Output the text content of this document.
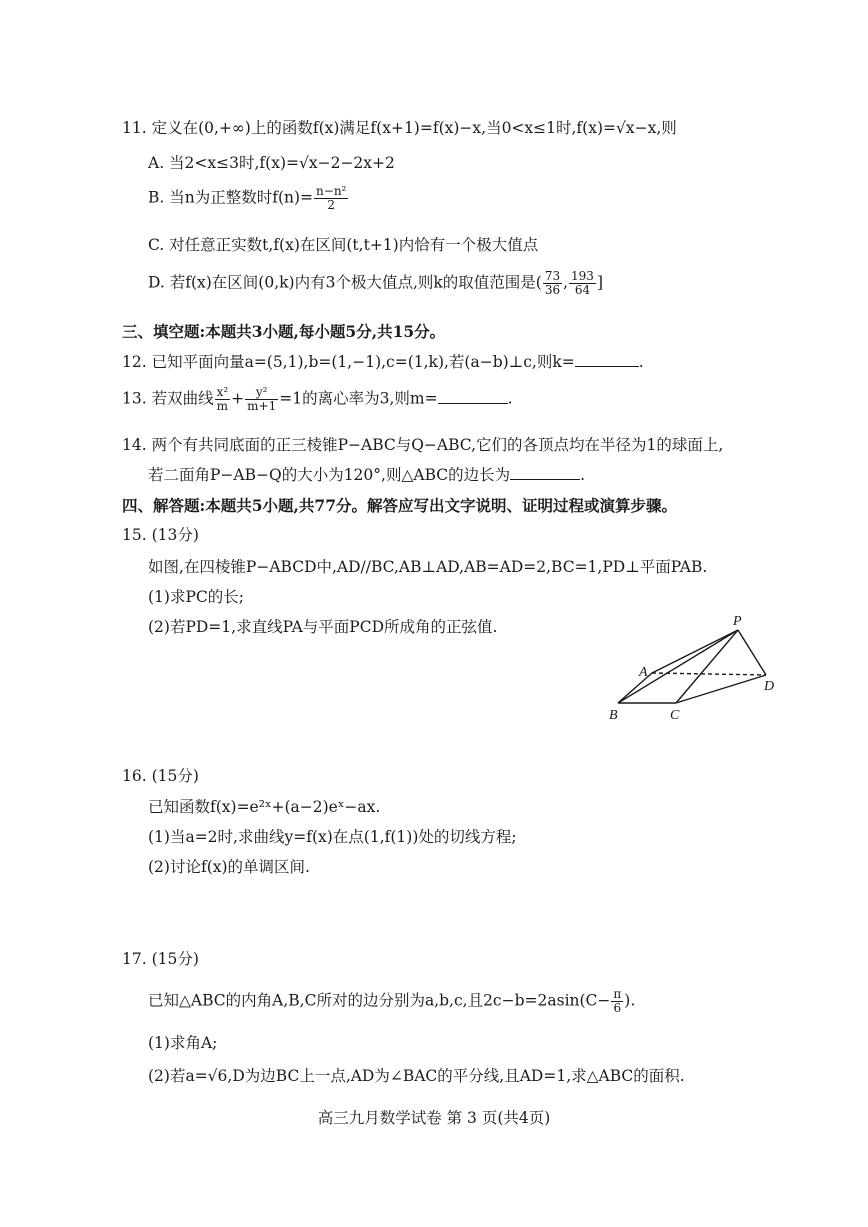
11. 定义在(0,+∞)上的函数f(x)满足f(x+1)=f(x)−x,当0<x≤1时,f(x)=√x−x,则
A. 当2<x≤3时,f(x)=√x−2−2x+2
B. 当n为正整数时$f(n)= \frac{\text{n−n²}}{2}$
C. 对任意正实数t,f(x)在区间(t,t+1)内恰有一个极大值点
D. 若f(x)在区间(0,k)内有3个极大值点,则k的取值范围是( $\frac{73}{36}$ , $\frac{193}{64}$ ]
三、填空题:本题共3小题,每小题5分,共15分。
12. 已知平面向量a=(5,1),b=(1,−1),c=(1,k),若(a−b)⊥c,则k=	.
13. 若双曲线 $\frac{\text{x²}}{m} + \frac{\text{y²}}{m+1} =1$的离心率为3,则m=	.
14. 两个有共同底面的正三棱锥P−ABC与Q−ABC,它们的各顶点均在半径为1的球面上,
若二面角P−AB−Q的大小为120°,则△ABC的边长为	.
四、解答题:本题共5小题,共77分。解答应写出文字说明、证明过程或演算步骤。
15. (13分)
如图,在四棱锥P−ABCD中,AD//BC,AB⊥AD,AB=AD=2,BC=1,PD⊥平面PAB.
(1)求PC的长;
(2)若PD=1,求直线PA与平面PCD所成角的正弦值.	P
A
B	C
D
16. (15分)
已知函数f(x)=e²ˣ+(a−2)eˣ−ax.
(1)当a=2时,求曲线y=f(x)在点(1,f(1))处的切线方程;
(2)讨论f(x)的单调区间.
17. (15分)
已知△ABC的内角A,B,C所对的边分别为a,b,c,且$2c-b=2asin(C- \frac{\pi}{6}$ ).
(1)求角A;
(2)若a=√6,D为边BC上一点,AD为∠BAC的平分线,且AD=1,求△ABC的面积.
高三九月数学试卷 第 3 页(共4页)
